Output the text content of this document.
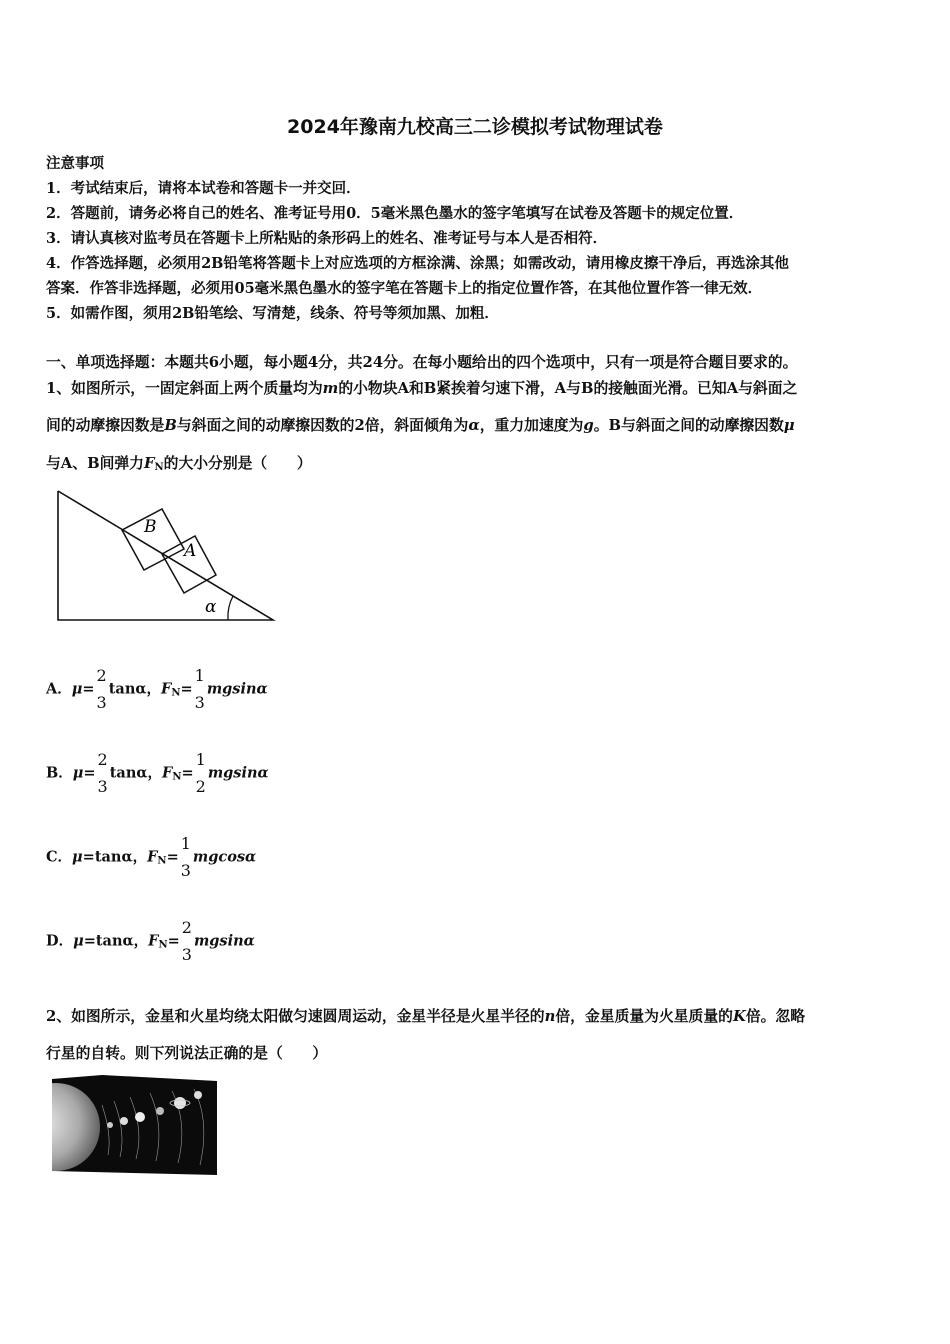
2024年豫南九校高三二诊模拟考试物理试卷
注意事项
1．考试结束后，请将本试卷和答题卡一并交回．
2．答题前，请务必将自己的姓名、准考证号用0．5毫米黑色墨水的签字笔填写在试卷及答题卡的规定位置．
3．请认真核对监考员在答题卡上所粘贴的条形码上的姓名、准考证号与本人是否相符．
4．作答选择题，必须用2B铅笔将答题卡上对应选项的方框涂满、涂黑；如需改动，请用橡皮擦干净后，再选涂其他
答案．作答非选择题，必须用05毫米黑色墨水的签字笔在答题卡上的指定位置作答，在其他位置作答一律无效．
5．如需作图，须用2B铅笔绘、写清楚，线条、符号等须加黑、加粗．
一、单项选择题：本题共6小题，每小题4分，共24分。在每小题给出的四个选项中，只有一项是符合题目要求的。
1、如图所示，一固定斜面上两个质量均为m的小物块A和B紧挨着匀速下滑，A与B的接触面光滑。已知A与斜面之
间的动摩擦因数是B与斜面之间的动摩擦因数的2倍，斜面倾角为α，重力加速度为g。B与斜面之间的动摩擦因数μ
与A、B间弹力$F_N$的大小分别是（　　）
B
A
α
A．μ=
2
3
tanα，$F_N=$
1
3
mgsinα
B．μ=
2
3
tanα，$F_N=$
1
2
mgsinα
C．μ=tanα，$F_N=$
1
3
mgcosα
D．μ=tanα，$F_N=$
2
3
mgsinα
2、如图所示，金星和火星均绕太阳做匀速圆周运动，金星半径是火星半径的n倍，金星质量为火星质量的K倍。忽略
行星的自转。则下列说法正确的是（　　）
